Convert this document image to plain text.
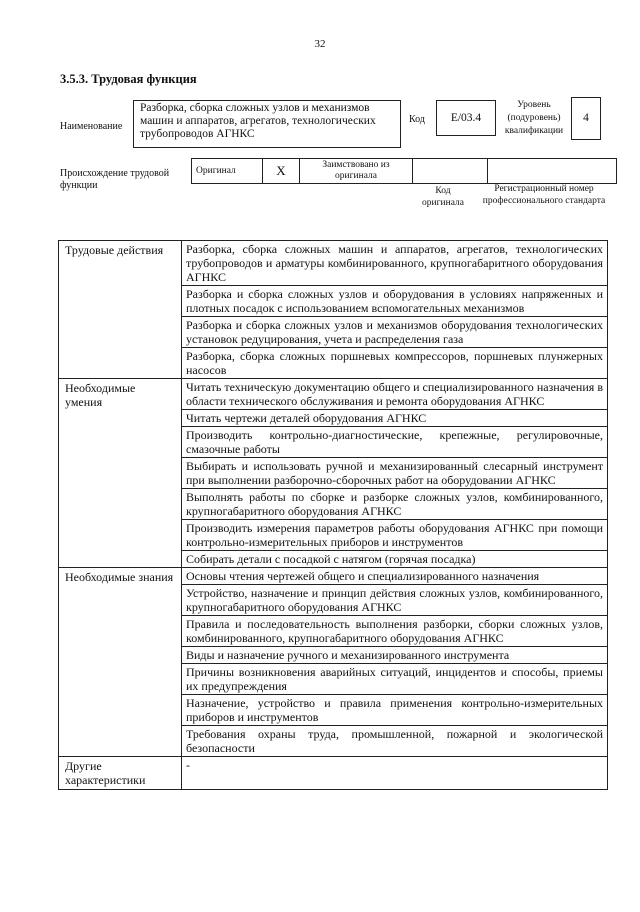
32
3.5.3. Трудовая функция
Наименование
Разборка, сборка сложных узлов и механизмов машин и аппаратов, агрегатов, технологических трубопроводов АГНКС
Код	E/03.4
Уровень (подуровень) квалификации
4
Происхождение трудовой функции
Оригинал	X	Заимствовано из оригинала		
Код оригинала
Регистрационный номер профессионального стандарта
Трудовые действия	Разборка, сборка сложных машин и аппаратов, агрегатов, технологических трубопроводов и арматуры комбинированного, крупногабаритного оборудования АГНКС
	Разборка и сборка сложных узлов и оборудования в условиях напряженных и плотных посадок с использованием вспомогательных механизмов
	Разборка и сборка сложных узлов и механизмов оборудования технологических установок редуцирования, учета и распределения газа
	Разборка, сборка сложных поршневых компрессоров, поршневых плунжерных насосов
Необходимые умения	Читать техническую документацию общего и специализированного назначения в области технического обслуживания и ремонта оборудования АГНКС
	Читать чертежи деталей оборудования АГНКС
	Производить контрольно-диагностические, крепежные, регулировочные, смазочные работы
	Выбирать и использовать ручной и механизированный слесарный инструмент при выполнении разборочно-сборочных работ на оборудовании АГНКС
	Выполнять работы по сборке и разборке сложных узлов, комбинированного, крупногабаритного оборудования АГНКС
	Производить измерения параметров работы оборудования АГНКС при помощи контрольно-измерительных приборов и инструментов
	Собирать детали с посадкой с натягом (горячая посадка)
Необходимые знания	Основы чтения чертежей общего и специализированного назначения
	Устройство, назначение и принцип действия сложных узлов, комбинированного, крупногабаритного оборудования АГНКС
	Правила и последовательность выполнения разборки, сборки сложных узлов, комбинированного, крупногабаритного оборудования АГНКС
	Виды и назначение ручного и механизированного инструмента
	Причины возникновения аварийных ситуаций, инцидентов и способы, приемы их предупреждения
	Назначение, устройство и правила применения контрольно-измерительных приборов и инструментов
	Требования охраны труда, промышленной, пожарной и экологической безопасности
Другие характеристики	-
